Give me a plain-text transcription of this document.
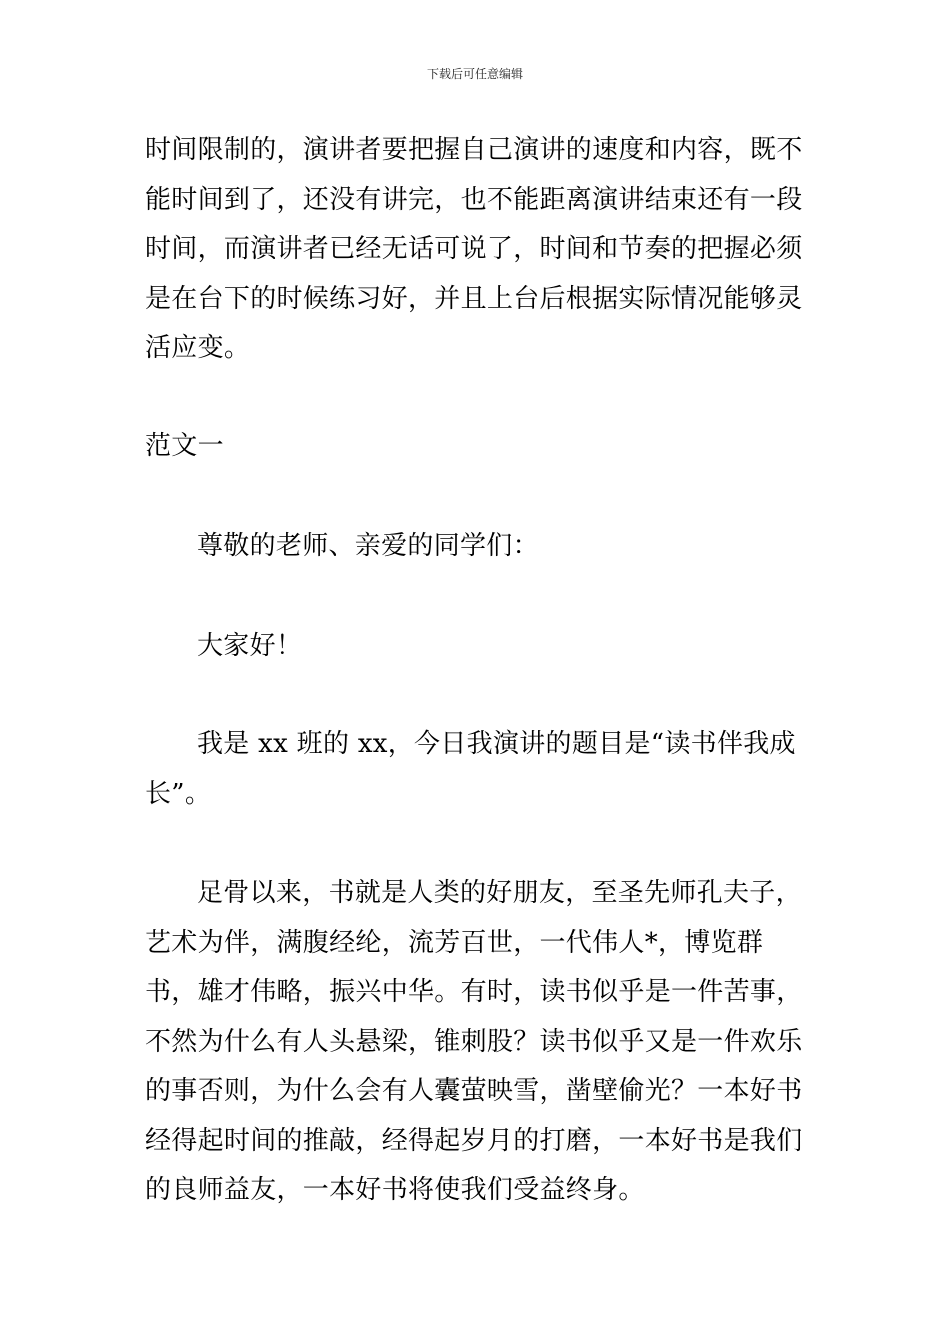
下载后可任意编辑

时间限制的，演讲者要把握自己演讲的速度和内容，既不能时间到了，还没有讲完，也不能距离演讲结束还有一段时间，而演讲者已经无话可说了，时间和节奏的把握必须是在台下的时候练习好，并且上台后根据实际情况能够灵活应变。

范文一

尊敬的老师、亲爱的同学们：

大家好！

我是 xx 班的 xx，今日我演讲的题目是“读书伴我成长”。

足骨以来，书就是人类的好朋友，至圣先师孔夫子，艺术为伴，满腹经纶，流芳百世，一代伟人*，博览群书，雄才伟略，振兴中华。有时，读书似乎是一件苦事，不然为什么有人头悬梁，锥刺股？读书似乎又是一件欢乐的事否则，为什么会有人囊萤映雪，凿壁偷光？一本好书经得起时间的推敲，经得起岁月的打磨，一本好书是我们的良师益友，一本好书将使我们受益终身。
